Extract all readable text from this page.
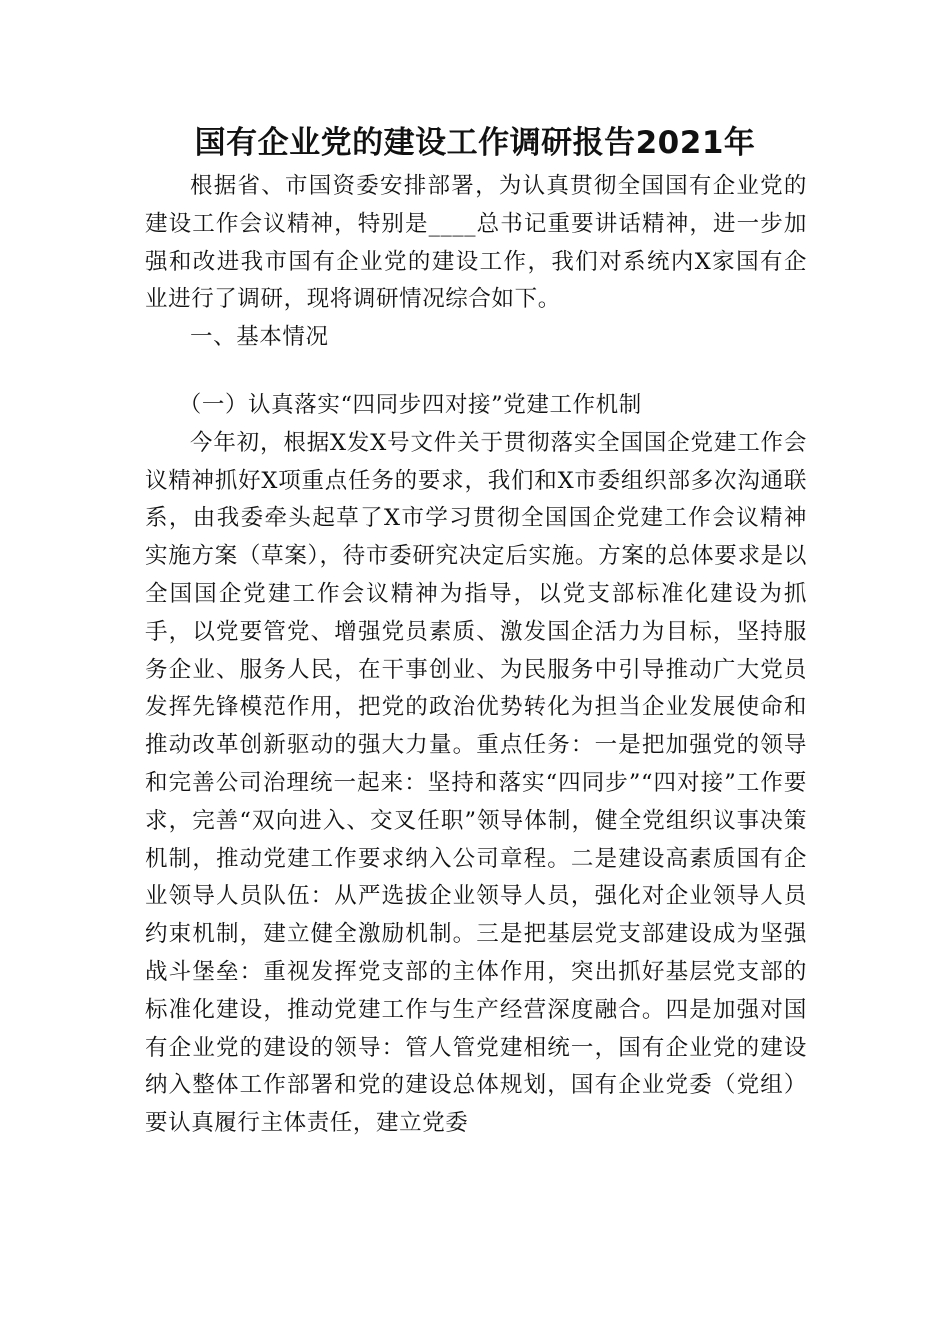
国有企业党的建设工作调研报告2021年

根据省、市国资委安排部署，为认真贯彻全国国有企业党的建设工作会议精神，特别是____总书记重要讲话精神，进一步加强和改进我市国有企业党的建设工作，我们对系统内X家国有企业进行了调研，现将调研情况综合如下。

一、基本情况

（一）认真落实“四同步四对接”党建工作机制

今年初，根据X发X号文件关于贯彻落实全国国企党建工作会议精神抓好X项重点任务的要求，我们和X市委组织部多次沟通联系，由我委牵头起草了X市学习贯彻全国国企党建工作会议精神实施方案（草案），待市委研究决定后实施。方案的总体要求是以全国国企党建工作会议精神为指导，以党支部标准化建设为抓手，以党要管党、增强党员素质、激发国企活力为目标，坚持服务企业、服务人民，在干事创业、为民服务中引导推动广大党员发挥先锋模范作用，把党的政治优势转化为担当企业发展使命和推动改革创新驱动的强大力量。重点任务：一是把加强党的领导和完善公司治理统一起来：坚持和落实“四同步”“四对接”工作要求，完善“双向进入、交叉任职”领导体制，健全党组织议事决策机制，推动党建工作要求纳入公司章程。二是建设高素质国有企业领导人员队伍：从严选拔企业领导人员，强化对企业领导人员约束机制，建立健全激励机制。三是把基层党支部建设成为坚强战斗堡垒：重视发挥党支部的主体作用，突出抓好基层党支部的标准化建设，推动党建工作与生产经营深度融合。四是加强对国有企业党的建设的领导：管人管党建相统一，国有企业党的建设纳入整体工作部署和党的建设总体规划，国有企业党委（党组）要认真履行主体责任，建立党委
